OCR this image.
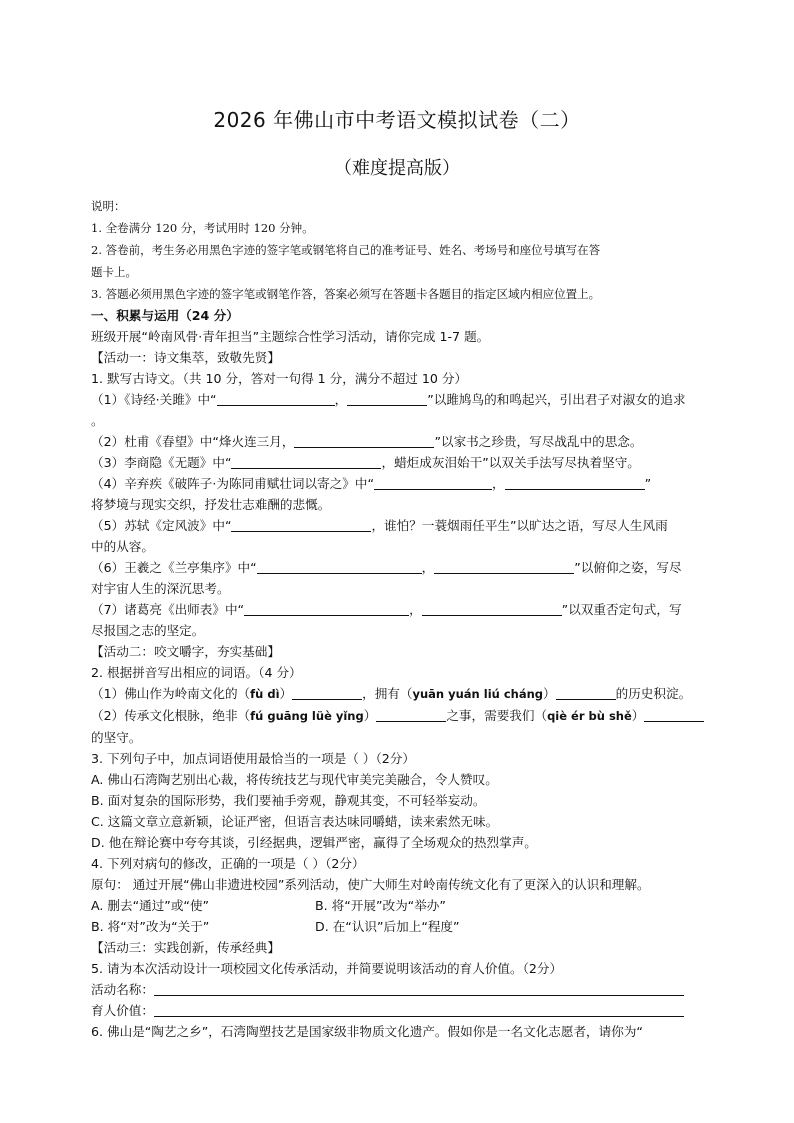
2026 年佛山市中考语文模拟试卷（二）
（难度提高版）
说明：
1. 全卷满分 120 分，考试用时 120 分钟。
2. 答卷前，考生务必用黑色字迹的签字笔或钢笔将自己的准考证号、姓名、考场号和座位号填写在答
题卡上。
3. 答题必须用黑色字迹的签字笔或钢笔作答，答案必须写在答题卡各题目的指定区域内相应位置上。
一、积累与运用（24 分）
班级开展“岭南风骨·青年担当”主题综合性学习活动，请你完成 1-7 题。
【活动一：诗文集萃，致敬先贤】
1. 默写古诗文。（共 10 分，答对一句得 1 分，满分不超过 10 分）
（1）《诗经·关雎》中“	，	”以雎鸠鸟的和鸣起兴，引出君子对淑女的追求
。
（2）杜甫《春望》中“烽火连三月，	”以家书之珍贵，写尽战乱中的思念。
（3）李商隐《无题》中“	，蜡炬成灰泪始干”以双关手法写尽执着坚守。
（4）辛弃疾《破阵子·为陈同甫赋壮词以寄之》中“	，	”
将梦境与现实交织，抒发壮志难酬的悲慨。
（5）苏轼《定风波》中“	，谁怕？一蓑烟雨任平生”以旷达之语，写尽人生风雨
中的从容。
（6）王羲之《兰亭集序》中“	，	”以俯仰之姿，写尽
对宇宙人生的深沉思考。
（7）诸葛亮《出师表》中“	，	”以双重否定句式，写
尽报国之志的坚定。
【活动二：咬文嚼字，夯实基础】
2. 根据拼音写出相应的词语。（4 分）
（1）佛山作为岭南文化的（fù dì）	，拥有（yuān yuán liú cháng）	的历史积淀。
（2）传承文化根脉，绝非（fú guāng lüè yǐng）	之事，需要我们（qiè ér bù shě）
的坚守。
3. 下列句子中，加点词语使用最恰当的一项是（ ）（2分）
A. 佛山石湾陶艺别出心裁，将传统技艺与现代审美完美融合，令人赞叹。
B. 面对复杂的国际形势，我们要袖手旁观，静观其变，不可轻举妄动。
C. 这篇文章立意新颖，论证严密，但语言表达味同嚼蜡，读来索然无味。
D. 他在辩论赛中夸夸其谈，引经据典，逻辑严密，赢得了全场观众的热烈掌声。
4. 下列对病句的修改，正确的一项是（ ）（2分）
原句： 通过开展“佛山非遗进校园”系列活动，使广大师生对岭南传统文化有了更深入的认识和理解。
A. 删去“通过”或“使”	B. 将“开展”改为“举办”
B. 将“对”改为“关于”	D. 在“认识”后加上“程度”
【活动三：实践创新，传承经典】
5. 请为本次活动设计一项校园文化传承活动，并简要说明该活动的育人价值。（2分）
活动名称：
育人价值：
6. 佛山是“陶艺之乡”，石湾陶塑技艺是国家级非物质文化遗产。假如你是一名文化志愿者，请你为“
